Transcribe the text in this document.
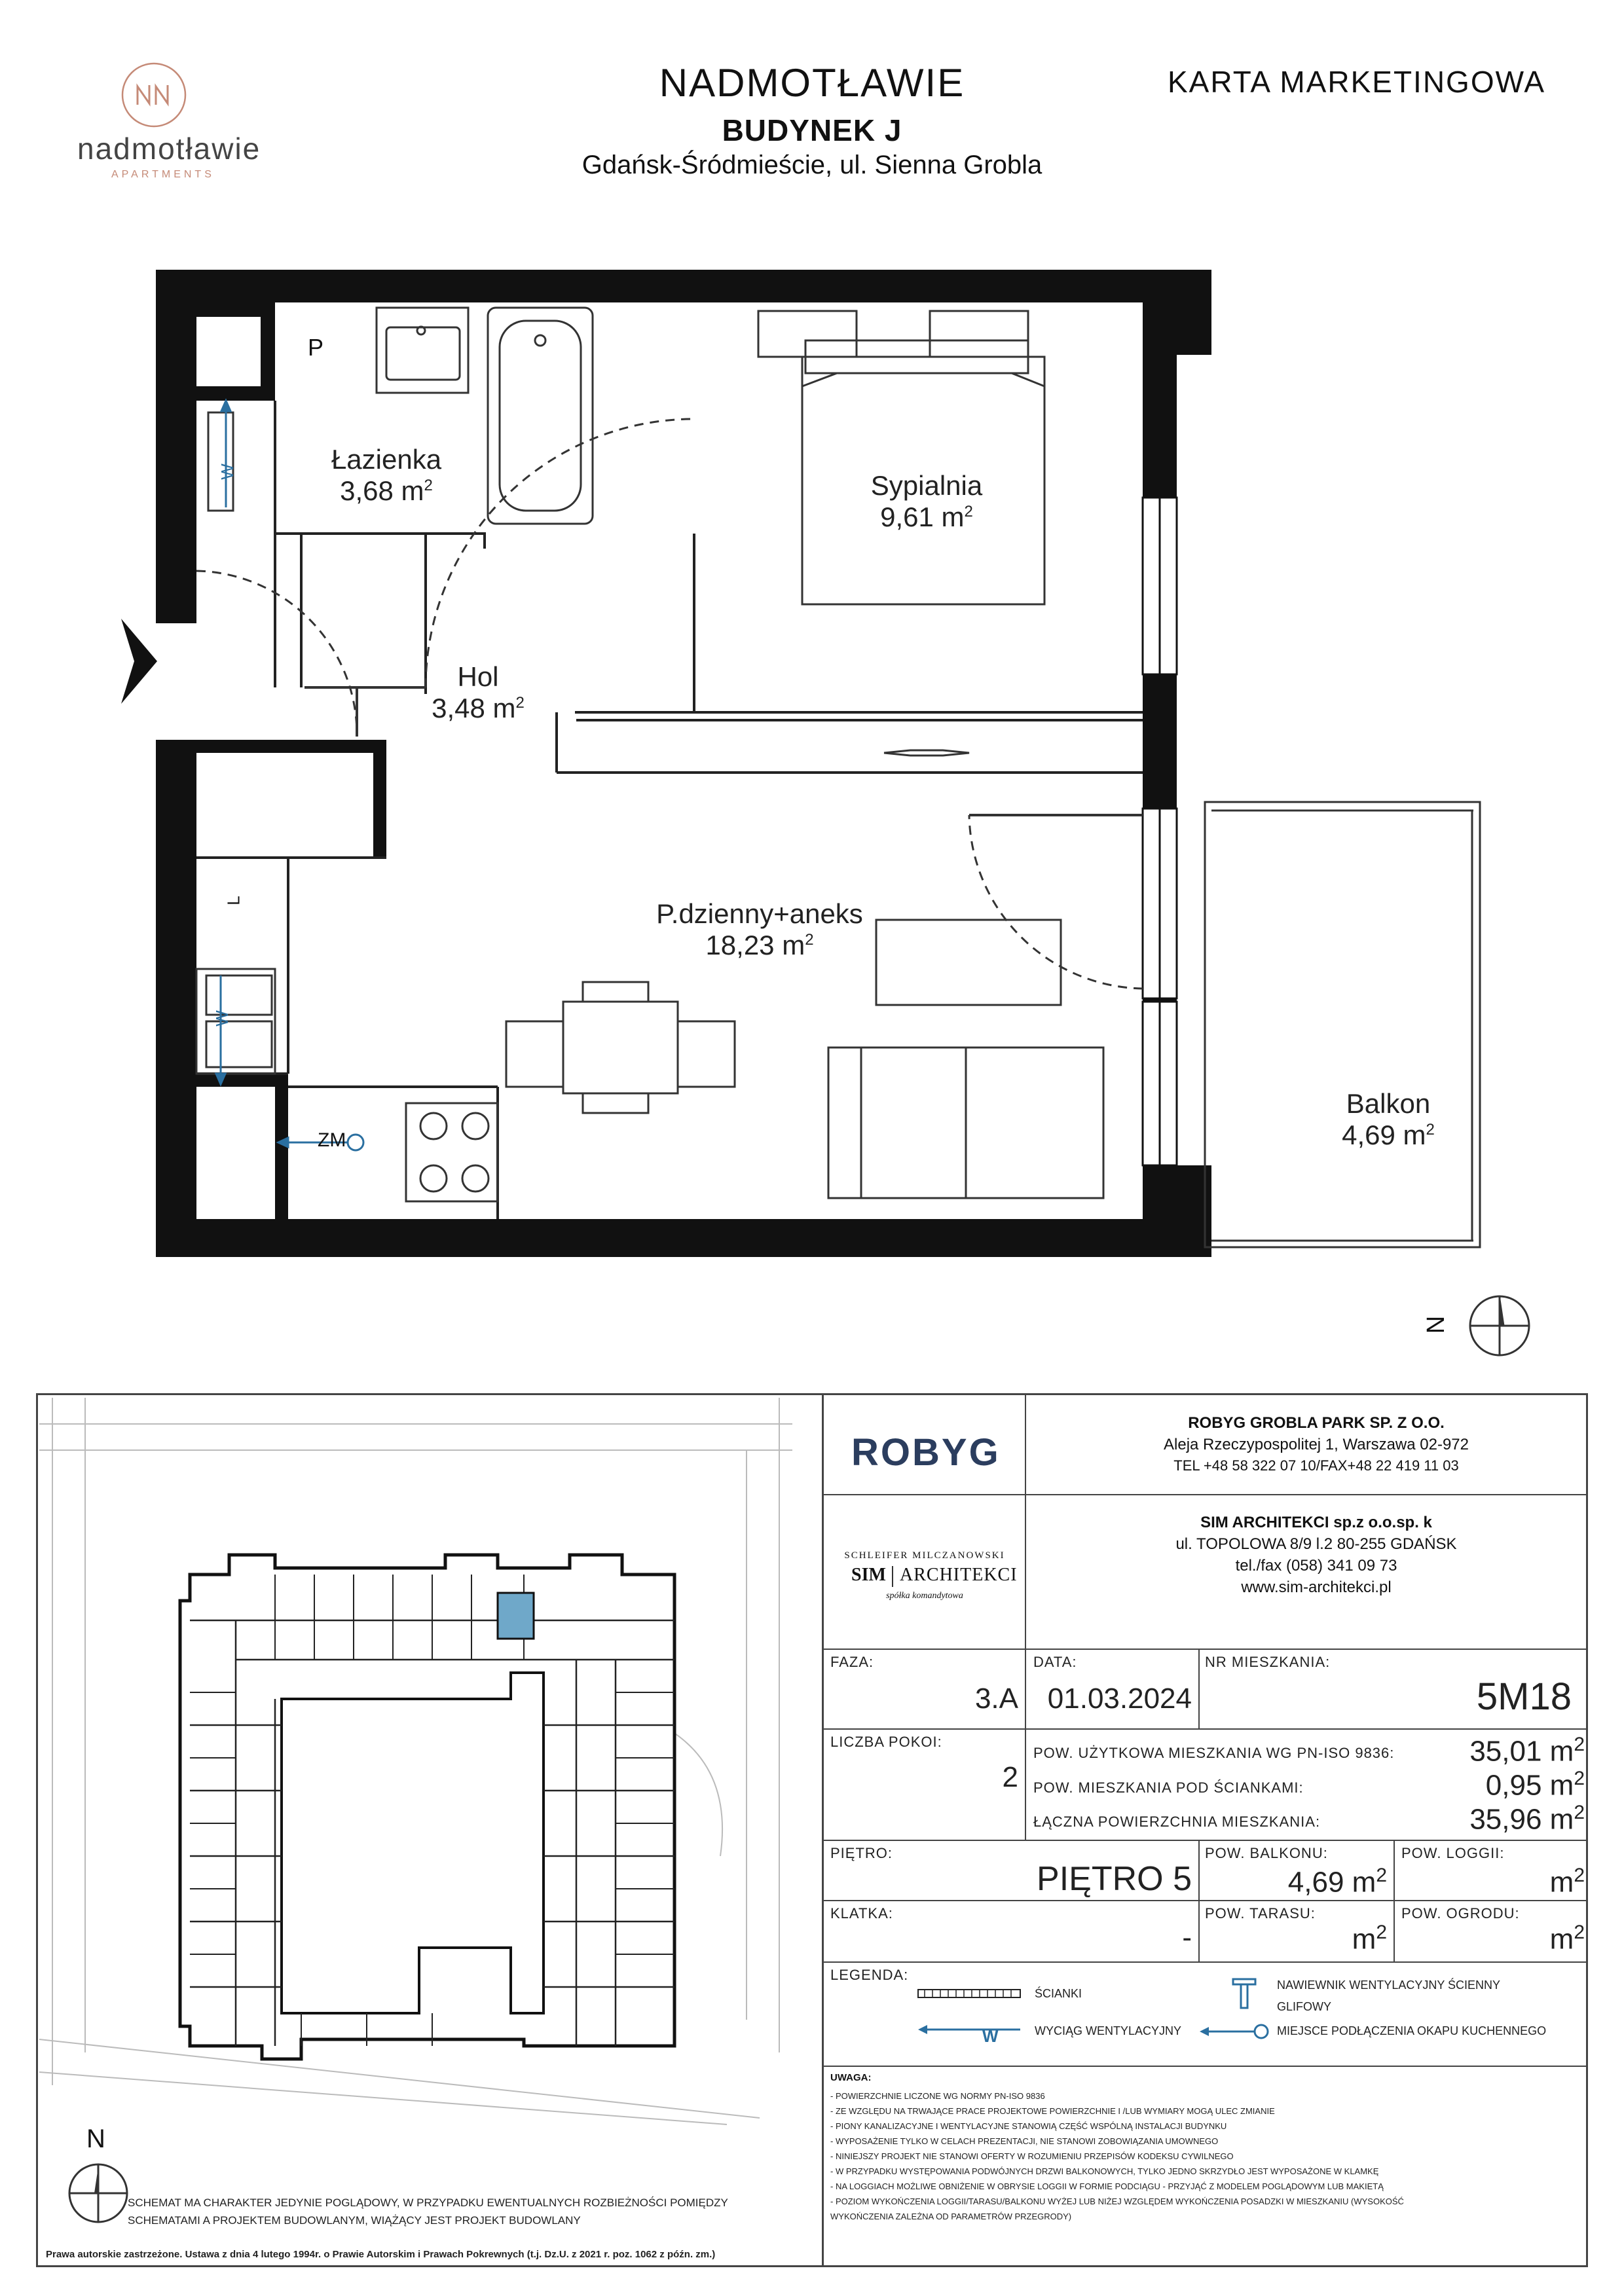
nadmotławie
APARTMENTS
NADMOTŁAWIE
BUDYNEK J
Gdańsk-Śródmieście, ul. Sienna Grobla
KARTA MARKETINGOWA
Łazienka
3,68 $m^2$	Sypialnia
9,61 $m^2$
Hol
3,48 $m^2$
P.dzienny+aneks
18,23 $m^2$
Balkon
4,69 $m^2$
P
W
W
L
ZM
N
N
SCHEMAT MA CHARAKTER JEDYNIE POGLĄDOWY, W PRZYPADKU EWENTUALNYCH ROZBIEŻNOŚCI POMIĘDZY
SCHEMATAMI A PROJEKTEM BUDOWLANYM, WIĄŻĄCY JEST PROJEKT BUDOWLANY
Prawa autorskie zastrzeżone. Ustawa z dnia 4 lutego 1994r. o Prawie Autorskim i Prawach Pokrewnych (t.j. Dz.U. z 2021 r. poz. 1062 z późn. zm.)
ROBYG
ROBYG GROBLA PARK SP. Z O.O.
Aleja Rzeczypospolitej 1, Warszawa 02-972
TEL +48 58 322 07 10/FAX+48 22 419 11 03
SCHLEIFER MILCZANOWSKI
SIM ARCHITEKCI
spółka komandytowa
SIM ARCHITEKCI sp.z o.o.sp. k
ul. TOPOLOWA 8/9 l.2 80-255 GDAŃSK
tel./fax (058) 341 09 73
www.sim-architekci.pl
FAZA:
3.A
DATA:
01.03.2024
NR MIESZKANIA:
5M18
LICZBA POKOI:
2
POW. UŻYTKOWA MIESZKANIA WG PN-ISO 9836:	35,01 $m^2$
POW. MIESZKANIA POD ŚCIANKAMI:	0,95 $m^2$
ŁĄCZNA POWIERZCHNIA MIESZKANIA:	35,96 $m^2$
PIĘTRO:
PIĘTRO 5
POW. BALKONU:
4,69 $m^2$
POW. LOGGII:
$m^2$
KLATKA:
-
POW. TARASU:
$m^2$
POW. OGRODU:
$m^2$
LEGENDA:
ŚCIANKI
W	WYCIĄG WENTYLACYJNY
NAWIEWNIK WENTYLACYJNY ŚCIENNY
GLIFOWY
MIEJSCE PODŁĄCZENIA OKAPU KUCHENNEGO
UWAGA:
- POWIERZCHNIE LICZONE WG NORMY PN-ISO 9836
- ZE WZGLĘDU NA TRWAJĄCE PRACE PROJEKTOWE POWIERZCHNIE I /LUB WYMIARY MOGĄ ULEC ZMIANIE
- PIONY KANALIZACYJNE I WENTYLACYJNE STANOWIĄ CZĘŚĆ WSPÓLNĄ INSTALACJI BUDYNKU
- WYPOSAŻENIE TYLKO W CELACH PREZENTACJI, NIE STANOWI ZOBOWIĄZANIA UMOWNEGO
- NINIEJSZY PROJEKT NIE STANOWI OFERTY W ROZUMIENIU PRZEPISÓW KODEKSU CYWILNEGO
- W PRZYPADKU WYSTĘPOWANIA PODWÓJNYCH DRZWI BALKONOWYCH, TYLKO JEDNO SKRZYDŁO JEST WYPOSAŻONE W KLAMKĘ
- NA LOGGIACH MOŻLIWE OBNIŻENIE W OBRYSIE LOGGII W FORMIE PODCIĄGU - PRZYJĄĆ Z MODELEM POGLĄDOWYM LUB MAKIETĄ
- POZIOM WYKOŃCZENIA LOGGII/TARASU/BALKONU WYŻEJ LUB NIŻEJ WZGLĘDEM WYKOŃCZENIA POSADZKI W MIESZKANIU (WYSOKOŚĆ
WYKOŃCZENIA ZALEŻNA OD PARAMETRÓW PRZEGRODY)
